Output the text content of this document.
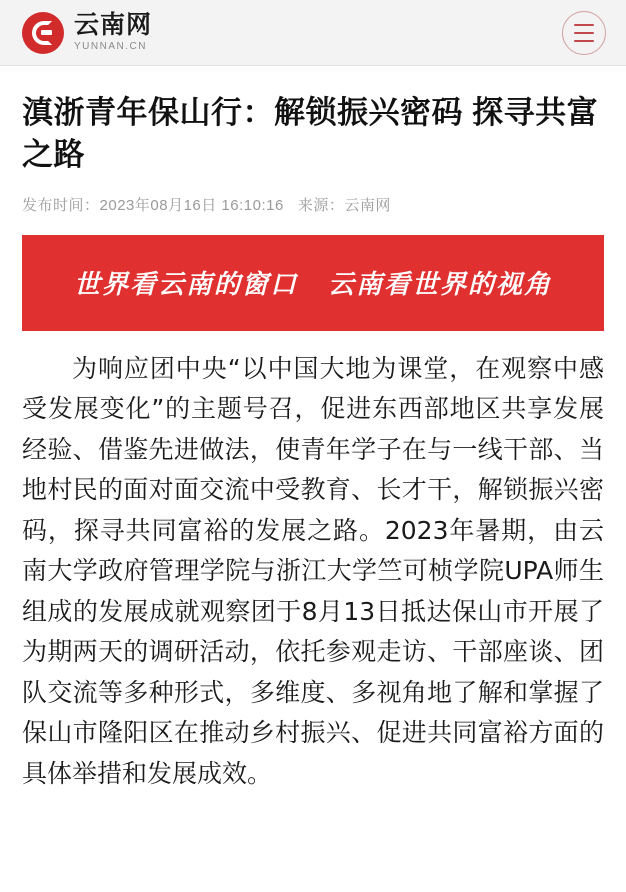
云南网
YUNNAN.CN
滇浙青年保山行：解锁振兴密码 探寻共富之路
发布时间：2023年08月16日 16:10:16 来源：云南网
世界看云南的窗口 云南看世界的视角

为响应团中央“以中国大地为课堂，在观察中感受发展变化”的主题号召，促进东西部地区共享发展经验、借鉴先进做法，使青年学子在与一线干部、当地村民的面对面交流中受教育、长才干，解锁振兴密码，探寻共同富裕的发展之路。2023年暑期，由云南大学政府管理学院与浙江大学竺可桢学院UPA师生组成的发展成就观察团于8月13日抵达保山市开展了为期两天的调研活动，依托参观走访、干部座谈、团队交流等多种形式，多维度、多视角地了解和掌握了保山市隆阳区在推动乡村振兴、促进共同富裕方面的具体举措和发展成效。
